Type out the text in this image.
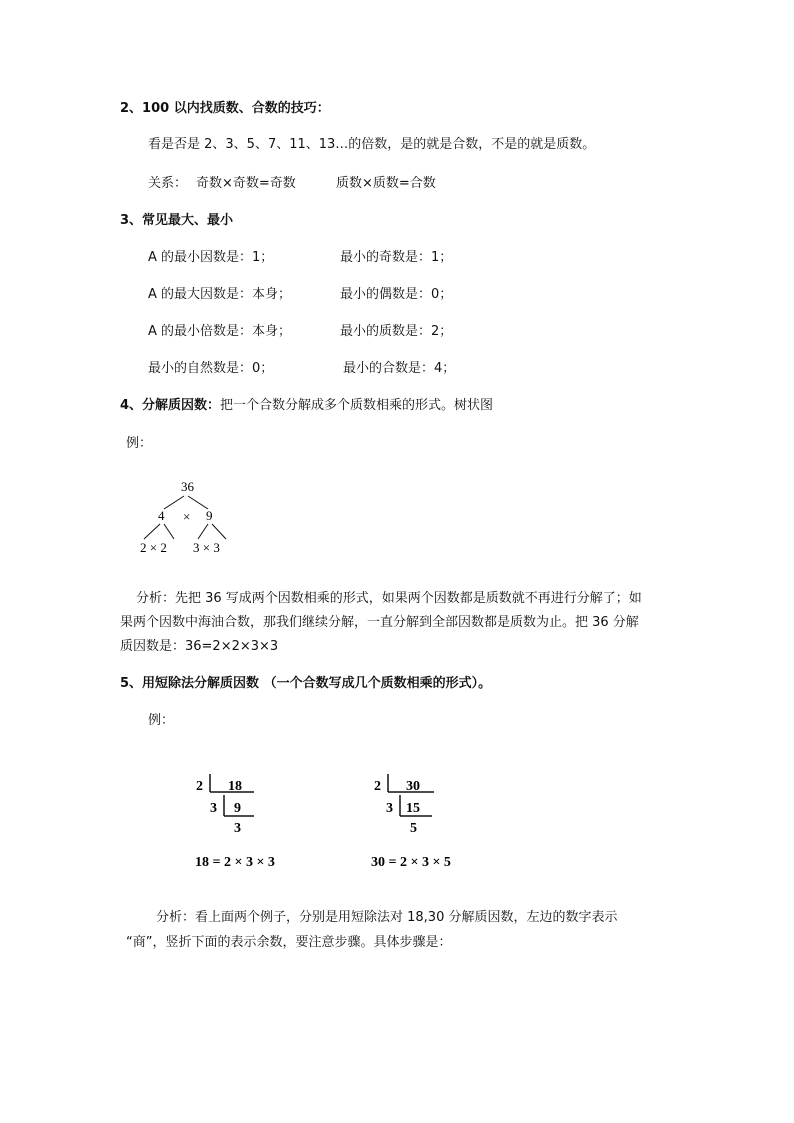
2、100 以内找质数、合数的技巧：
看是否是 2、3、5、7、11、13…的倍数，是的就是合数，不是的就是质数。
关系： 奇数×奇数=奇数	质数×质数=合数
3、常见最大、最小
A 的最小因数是：1；	最小的奇数是：1；
A 的最大因数是：本身；	最小的偶数是：0；
A 的最小倍数是：本身；	最小的质数是：2；
最小的自然数是：0；	最小的合数是：4；
4、分解质因数：把一个合数分解成多个质数相乘的形式。树状图
例：
36
4 × 9
2 × 2 3 × 3
分析：先把 36 写成两个因数相乘的形式，如果两个因数都是质数就不再进行分解了；如
果两个因数中海油合数，那我们继续分解，一直分解到全部因数都是质数为止。把 36 分解
质因数是：36=2×2×3×3
5、用短除法分解质因数 （一个合数写成几个质数相乘的形式）。
例：
2 18
3 9
3
18 = 2 × 3 × 3
2 30
3 15
5
30 = 2 × 3 × 5
分析：看上面两个例子，分别是用短除法对 18,30 分解质因数，左边的数字表示
“商”，竖折下面的表示余数，要注意步骤。具体步骤是：
